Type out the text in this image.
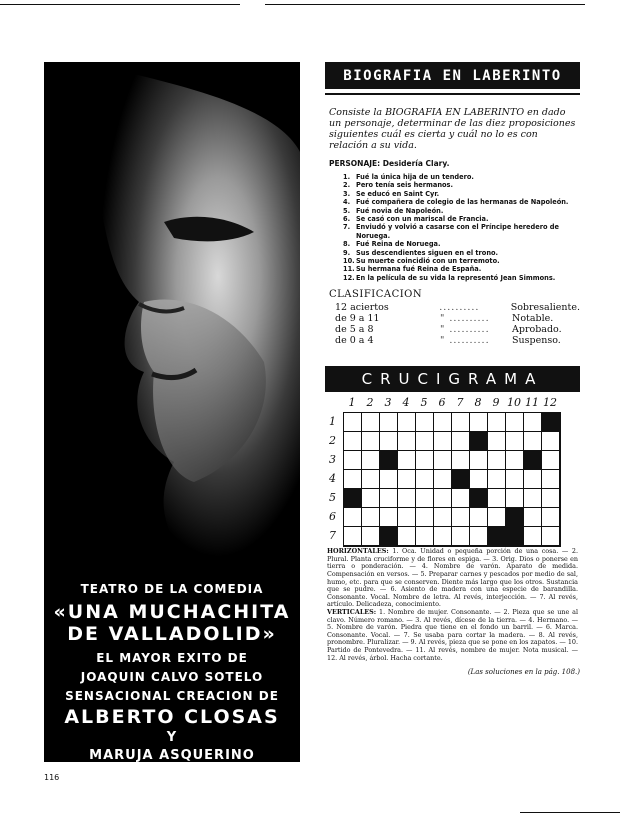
TEATRO DE LA COMEDIA
«UNA MUCHACHITA
DE VALLADOLID»
EL MAYOR EXITO DE
JOAQUIN CALVO SOTELO
SENSACIONAL CREACION DE
ALBERTO CLOSAS
Y
MARUJA ASQUERINO
Todos los días tarde y noche
BIOGRAFIA EN LABERINTO

Consiste la BIOGRAFIA EN LABERINTO en dado un personaje, determinar de las diez proposiciones siguientes cuál es cierta y cuál no lo es con relación a su vida.

PERSONAJE: Desidería Clary.
1. Fué la única hija de un tendero.
2. Pero tenía seis hermanos.
3. Se educó en Saint Cyr.
4. Fué compañera de colegio de las hermanas de Napoleón.
5. Fué novia de Napoleón.
6. Se casó con un mariscal de Francia.
7. Enviudó y volvió a casarse con el Príncipe heredero de Noruega.
8. Fué Reina de Noruega.
9. Sus descendientes siguen en el trono.
10. Su muerte coincidió con un terremoto.
11. Su hermana fué Reina de España.
12. En la película de su vida la representó Jean Simmons.
CLASIFICACION
12 aciertos	..........	Sobresaliente.
de 9 a 11	" ..........	Notable.
de 5 a 8	" ..........	Aprobado.
de 0 a 4	" ..........	Suspenso.
CRUCIGRAMA
1	2	3	4	5	6	7	8	9 10 11 12
1
2
3
4
5
6
7

HORIZONTALES: 1. Oca. Unidad o pequeña porción de una cosa. — 2. Plural. Planta cruciforme y de flores en espiga. — 3. Orig. Dios o ponerse en tierra o ponderación. — 4. Nombre de varón. Aparato de medida. Compensación en versos. — 5. Preparar carnes y pescados por medio de sal, humo, etc. para que se conserven. Diente más largo que los otros. Sustancia que se pudre. — 6. Asiento de madera con una especie de barandilla. Consonante. Vocal. Nombre de letra. Al revés, interjección. — 7. Al revés, artículo. Delicadeza, conocimiento.
VERTICALES: 1. Nombre de mujer. Consonante. — 2. Pieza que se une al clavo. Número romano. — 3. Al revés, dícese de la tierra. — 4. Hermano. — 5. Nombre de varón. Piedra que tiene en el fondo un barril. — 6. Marca. Consonante. Vocal. — 7. Se usaba para cortar la madera. — 8. Al revés, pronombre. Pluralizar. — 9. Al revés, pieza que se pone en los zapatos. — 10. Partido de Pontevedra. — 11. Al revés, nombre de mujer. Nota musical. — 12. Al revés, árbol. Hacha cortante.

(Las soluciones en la pág. 108.)

116
